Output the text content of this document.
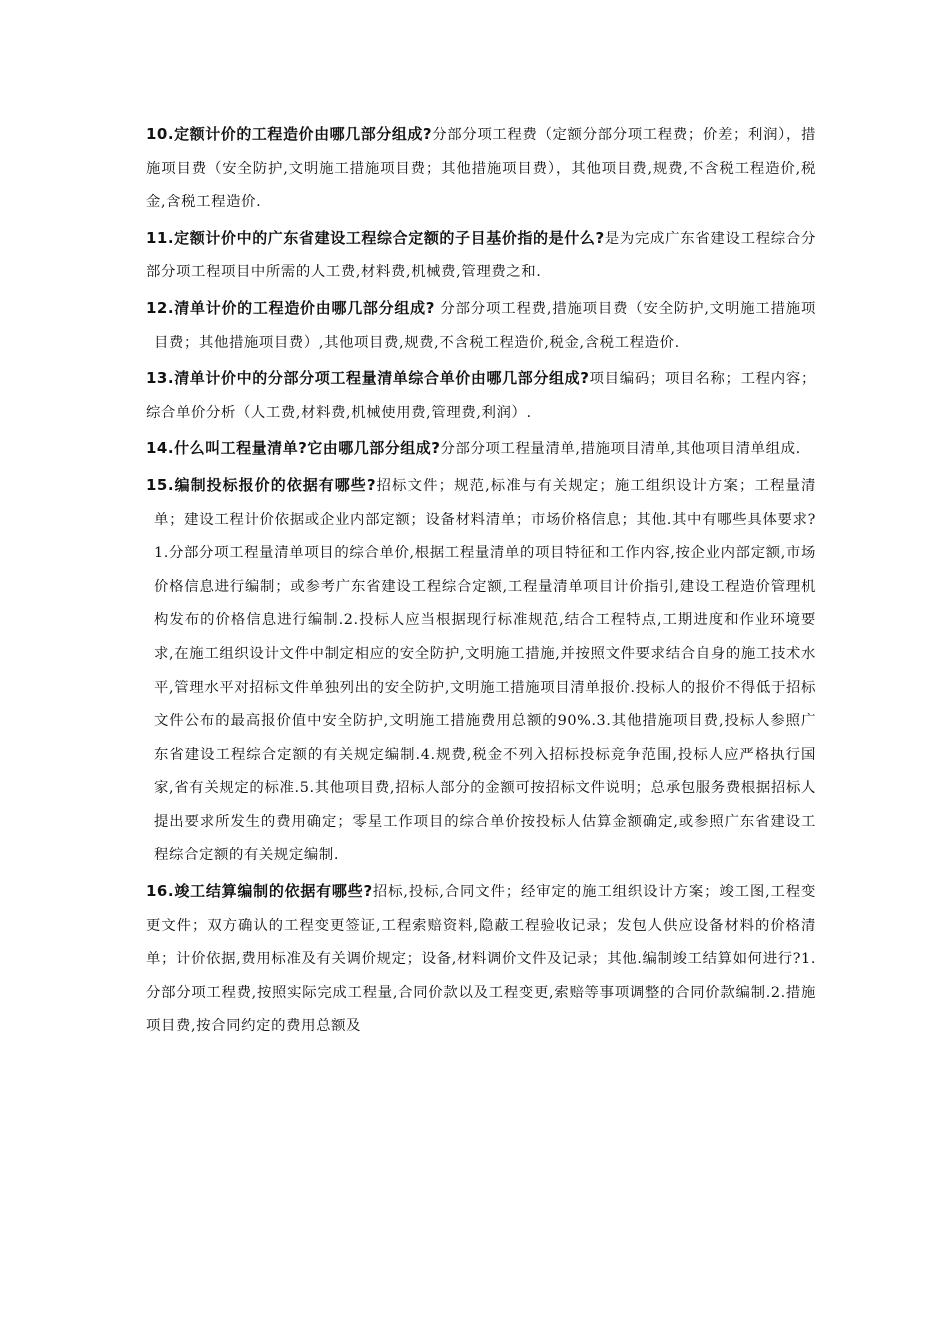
10.定额计价的工程造价由哪几部分组成?分部分项工程费（定额分部分项工程费；价差；利润），措施项目费（安全防护,文明施工措施项目费；其他措施项目费），其他项目费,规费,不含税工程造价,税金,含税工程造价.
11.定额计价中的广东省建设工程综合定额的子目基价指的是什么?是为完成广东省建设工程综合分部分项工程项目中所需的人工费,材料费,机械费,管理费之和.
12.清单计价的工程造价由哪几部分组成? 分部分项工程费,措施项目费（安全防护,文明施工措施项目费；其他措施项目费）,其他项目费,规费,不含税工程造价,税金,含税工程造价.
13.清单计价中的分部分项工程量清单综合单价由哪几部分组成?项目编码；项目名称；工程内容；综合单价分析（人工费,材料费,机械使用费,管理费,利润）.
14.什么叫工程量清单?它由哪几部分组成?分部分项工程量清单,措施项目清单,其他项目清单组成.
15.编制投标报价的依据有哪些?招标文件；规范,标准与有关规定；施工组织设计方案；工程量清单；建设工程计价依据或企业内部定额；设备材料清单；市场价格信息；其他.其中有哪些具体要求?1.分部分项工程量清单项目的综合单价,根据工程量清单的项目特征和工作内容,按企业内部定额,市场价格信息进行编制；或参考广东省建设工程综合定额,工程量清单项目计价指引,建设工程造价管理机构发布的价格信息进行编制.2.投标人应当根据现行标准规范,结合工程特点,工期进度和作业环境要求,在施工组织设计文件中制定相应的安全防护,文明施工措施,并按照文件要求结合自身的施工技术水平,管理水平对招标文件单独列出的安全防护,文明施工措施项目清单报价.投标人的报价不得低于招标文件公布的最高报价值中安全防护,文明施工措施费用总额的90%.3.其他措施项目费,投标人参照广东省建设工程综合定额的有关规定编制.4.规费,税金不列入招标投标竞争范围,投标人应严格执行国家,省有关规定的标准.5.其他项目费,招标人部分的金额可按招标文件说明；总承包服务费根据招标人提出要求所发生的费用确定；零星工作项目的综合单价按投标人估算金额确定,或参照广东省建设工程综合定额的有关规定编制.
16.竣工结算编制的依据有哪些?招标,投标,合同文件；经审定的施工组织设计方案；竣工图,工程变更文件；双方确认的工程变更签证,工程索赔资料,隐蔽工程验收记录；发包人供应设备材料的价格清单；计价依据,费用标准及有关调价规定；设备,材料调价文件及记录；其他.编制竣工结算如何进行?1.分部分项工程费,按照实际完成工程量,合同价款以及工程变更,索赔等事项调整的合同价款编制.2.措施项目费,按合同约定的费用总额及
